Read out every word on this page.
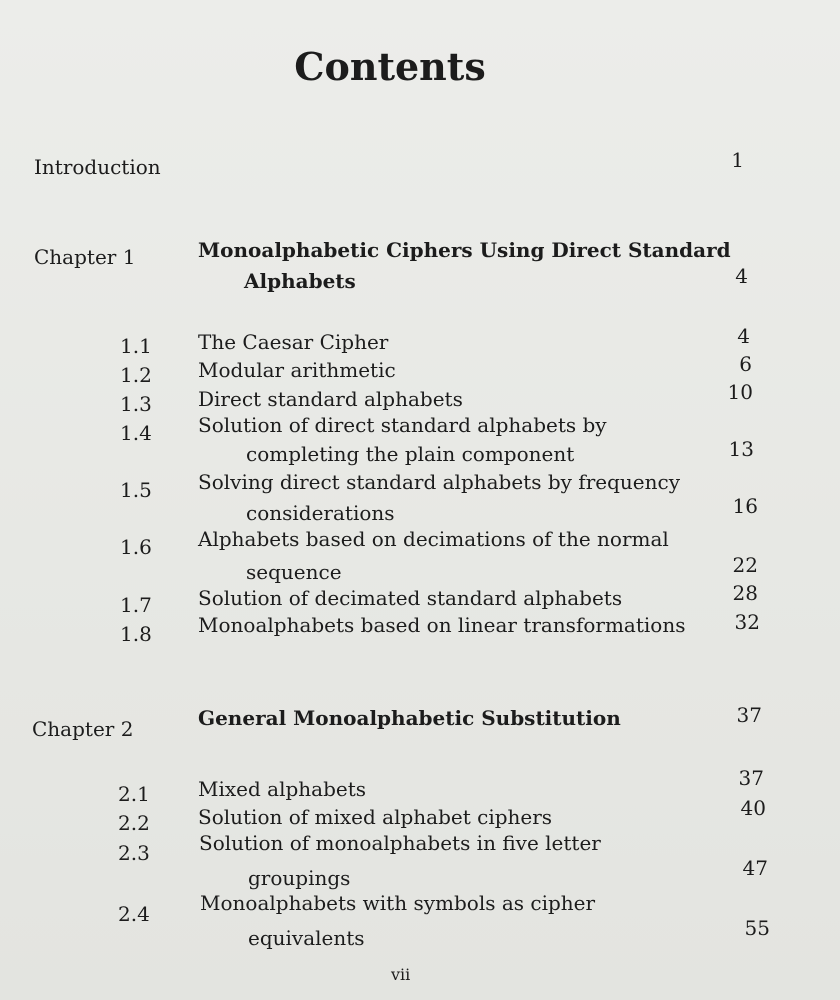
Contents
Introduction	1
Chapter 1	Monoalphabetic Ciphers Using Direct Standard
Alphabets	4
1.1 The Caesar Cipher	4
1.2 Modular arithmetic	6
1.3 Direct standard alphabets	10
1.4 Solution of direct standard alphabets by
completing the plain component	13
1.5 Solving direct standard alphabets by frequency
considerations	16
1.6 Alphabets based on decimations of the normal
sequence	22
1.7 Solution of decimated standard alphabets	28
1.8 Monoalphabets based on linear transformations	32
Chapter 2	General Monoalphabetic Substitution	37
2.1 Mixed alphabets	37
2.2 Solution of mixed alphabet ciphers	40
2.3 Solution of monoalphabets in five letter
groupings	47
2.4	Monoalphabets with symbols as cipher
equivalents	55
vii
